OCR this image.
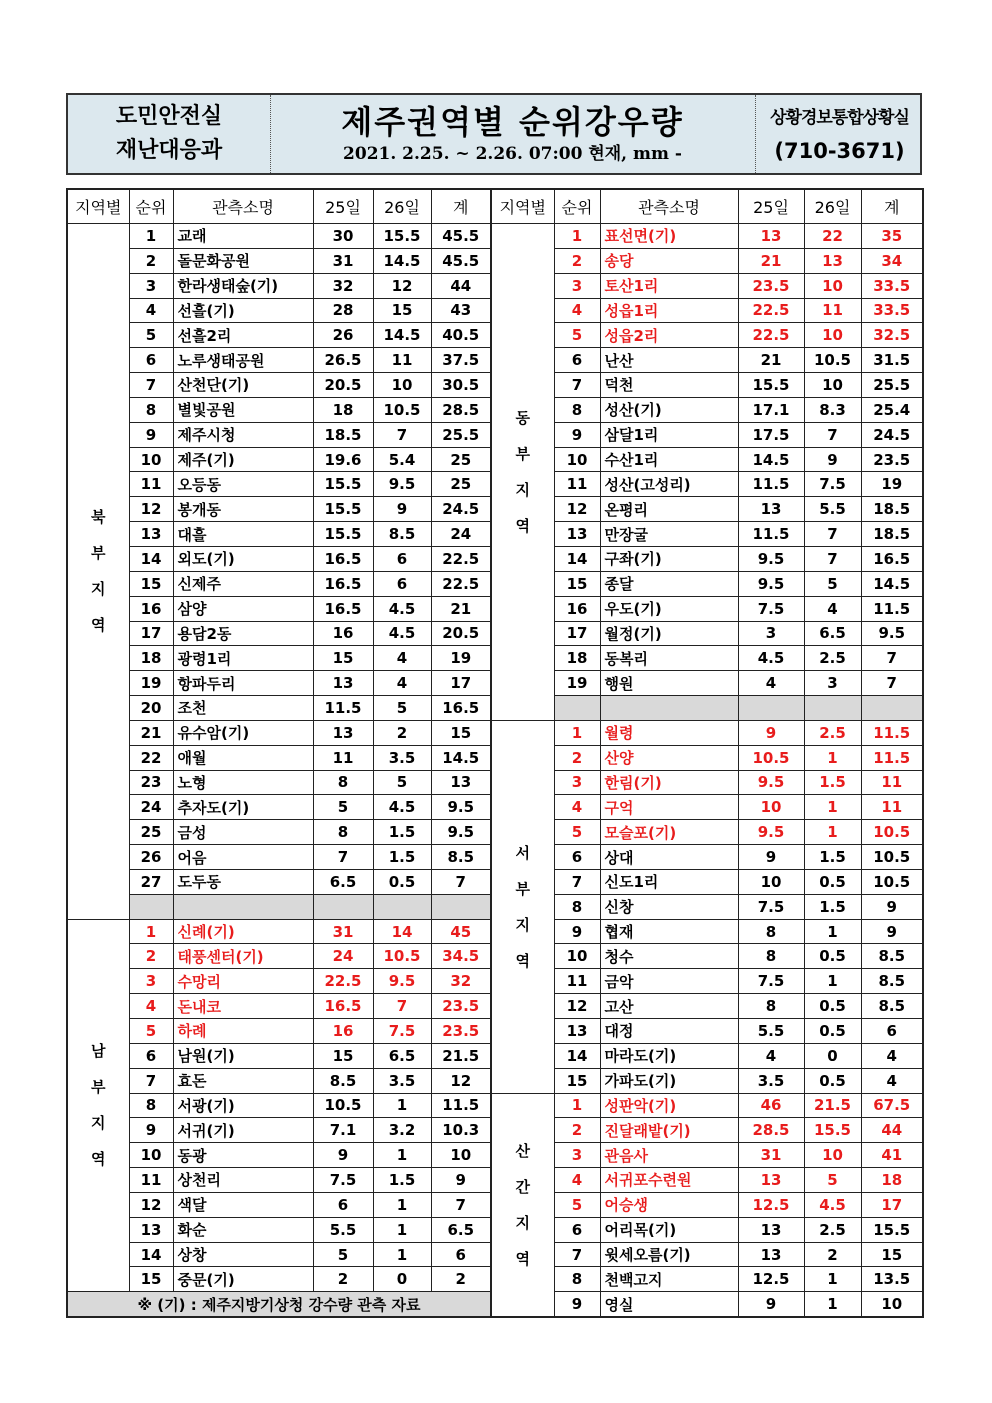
도민안전실
재난대응과
제주권역별 순위강우량
2021. 2.25. ~ 2.26. 07:00 현재, mm -
상황경보통합상황실
(710-3671)
지역별	순위	관측소명	25일	26일	계

북
부
지
역	1	교래	30	15.5	45.5
	2	돌문화공원	31	14.5	45.5
	3	한라생태숲(기)	32	12	44
	4	선흘(기)	28	15	43
	5	선흘2리	26	14.5	40.5
	6	노루생태공원	26.5	11	37.5
	7	산천단(기)	20.5	10	30.5
	8	별빛공원	18	10.5	28.5
	9	제주시청	18.5	7	25.5
	10	제주(기)	19.6	5.4	25
	11	오등동	15.5	9.5	25
	12	봉개동	15.5	9	24.5
	13	대흘	15.5	8.5	24
	14	외도(기)	16.5	6	22.5
	15	신제주	16.5	6	22.5
	16	삼양	16.5	4.5	21
	17	용담2동	16	4.5	20.5
	18	광령1리	15	4	19
	19	항파두리	13	4	17
	20	조천	11.5	5	16.5
	21	유수암(기)	13	2	15
	22	애월	11	3.5	14.5
	23	노형	8	5	13
	24	추자도(기)	5	4.5	9.5
	25	금성	8	1.5	9.5
	26	어음	7	1.5	8.5
	27	도두동	6.5	0.5	7

남
부
지
역	1	신례(기)	31	14	45
	2	태풍센터(기)	24	10.5	34.5
	3	수망리	22.5	9.5	32
	4	돈내코	16.5	7	23.5
	5	하례	16	7.5	23.5
	6	남원(기)	15	6.5	21.5
	7	효돈	8.5	3.5	12
	8	서광(기)	10.5	1	11.5
	9	서귀(기)	7.1	3.2	10.3
	10	동광	9	1	10
	11	상천리	7.5	1.5	9
	12	색달	6	1	7
	13	화순	5.5	1	6.5
	14	상창	5	1	6
	15	중문(기)	2	0	2
※ (기) : 제주지방기상청 강수량 관측 자료					
지역별	순위	관측소명	25일	26일	계

동
부
지
역	1	표선면(기)	13	22	35
	2	송당	21	13	34
	3	토산1리	23.5	10	33.5
	4	성읍1리	22.5	11	33.5
	5	성읍2리	22.5	10	32.5
	6	난산	21	10.5	31.5
	7	덕천	15.5	10	25.5
	8	성산(기)	17.1	8.3	25.4
	9	삼달1리	17.5	7	24.5
	10	수산1리	14.5	9	23.5
	11	성산(고성리)	11.5	7.5	19
	12	온평리	13	5.5	18.5
	13	만장굴	11.5	7	18.5
	14	구좌(기)	9.5	7	16.5
	15	종달	9.5	5	14.5
	16	우도(기)	7.5	4	11.5
	17	월정(기)	3	6.5	9.5
	18	동복리	4.5	2.5	7
	19	행원	4	3	7

서
부
지
역	1	월령	9	2.5	11.5
	2	산양	10.5	1	11.5
	3	한림(기)	9.5	1.5	11
	4	구억	10	1	11
	5	모슬포(기)	9.5	1	10.5
	6	상대	9	1.5	10.5
	7	신도1리	10	0.5	10.5
	8	신창	7.5	1.5	9
	9	협재	8	1	9
	10	청수	8	0.5	8.5
	11	금악	7.5	1	8.5
	12	고산	8	0.5	8.5
	13	대정	5.5	0.5	6
	14	마라도(기)	4	0	4
	15	가파도(기)	3.5	0.5	4

산
간
지
역	1	성판악(기)	46	21.5	67.5
	2	진달래밭(기)	28.5	15.5	44
	3	관음사	31	10	41
	4	서귀포수련원	13	5	18
	5	어승생	12.5	4.5	17
	6	어리목(기)	13	2.5	15.5
	7	윗세오름(기)	13	2	15
	8	천백고지	12.5	1	13.5
	9	영실	9	1	10
